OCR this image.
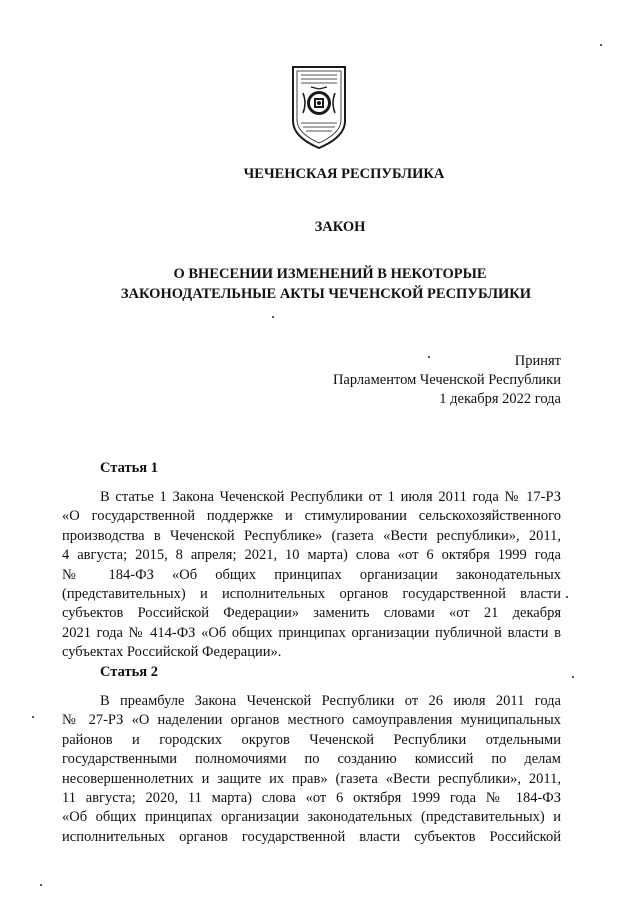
ЧЕЧЕНСКАЯ РЕСПУБЛИКА
ЗАКОН
О ВНЕСЕНИИ ИЗМЕНЕНИЙ В НЕКОТОРЫЕ
ЗАКОНОДАТЕЛЬНЫЕ АКТЫ ЧЕЧЕНСКОЙ РЕСПУБЛИКИ
Принят
Парламентом Чеченской Республики
1 декабря 2022 года
Статья 1
В статье 1 Закона Чеченской Республики от 1 июля 2011 года № 17-РЗ
«О государственной поддержке и стимулировании сельскохозяйственного
производства в Чеченской Республике» (газета «Вести республики», 2011,
4 августа; 2015, 8 апреля; 2021, 10 марта) слова «от 6 октября 1999 года
№ 184-ФЗ «Об общих принципах организации законодательных
(представительных) и исполнительных органов государственной власти
субъектов Российской Федерации» заменить словами «от 21 декабря
2021 года № 414-ФЗ «Об общих принципах организации публичной власти в
субъектах Российской Федерации».
Статья 2
В преамбуле Закона Чеченской Республики от 26 июля 2011 года
№ 27-РЗ «О наделении органов местного самоуправления муниципальных
районов и городских округов Чеченской Республики отдельными
государственными полномочиями по созданию комиссий по делам
несовершеннолетних и защите их прав» (газета «Вести республики», 2011,
11 августа; 2020, 11 марта) слова «от 6 октября 1999 года № 184-ФЗ
«Об общих принципах организации законодательных (представительных) и
исполнительных органов государственной власти субъектов Российской
